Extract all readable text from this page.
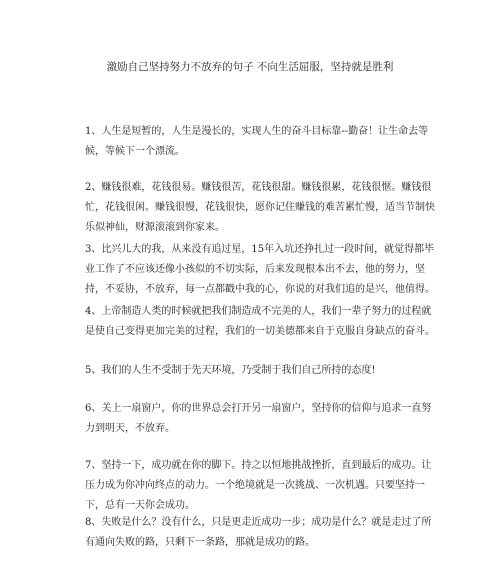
激励自己坚持努力不放弃的句子 不向生活屈服，坚持就是胜利

1、人生是短暂的，人生是漫长的，实现人生的奋斗目标靠--勤奋！让生命去等候，等候下一个漂流。

2、赚钱很难，花钱很易。赚钱很苦，花钱很甜。赚钱很累，花钱很惬。赚钱很忙，花钱很闲。赚钱很慢，花钱很快，愿你记住赚钱的难苦累忙慢，适当节制快乐似神仙，财源滚滚到你家来。

3、比兴儿大的我，从来没有追过星，15年入坑还挣扎过一段时间，就觉得都毕业工作了不应该还像小孩似的不切实际，后来发现根本出不去，他的努力，坚持，不妥协，不放弃，每一点都戳中我的心，你说的对我们追的是兴，他值得。

4、上帝制造人类的时候就把我们制造成不完美的人，我们一辈子努力的过程就是使自己变得更加完美的过程，我们的一切美德都来自于克服自身缺点的奋斗。

5、我们的人生不受制于先天环境，乃受制于我们自己所持的态度!

6、关上一扇窗户，你的世界总会打开另一扇窗户，坚持你的信仰与追求一直努力到明天，不放弃。

7、坚持一下，成功就在你的脚下。持之以恒地挑战挫折，直到最后的成功。让压力成为你冲向终点的动力。一个绝境就是一次挑战、一次机遇。只要坚持一下，总有一天你会成功。

8、失败是什么？没有什么，只是更走近成功一步；成功是什么？就是走过了所有通向失败的路，只剩下一条路，那就是成功的路。
